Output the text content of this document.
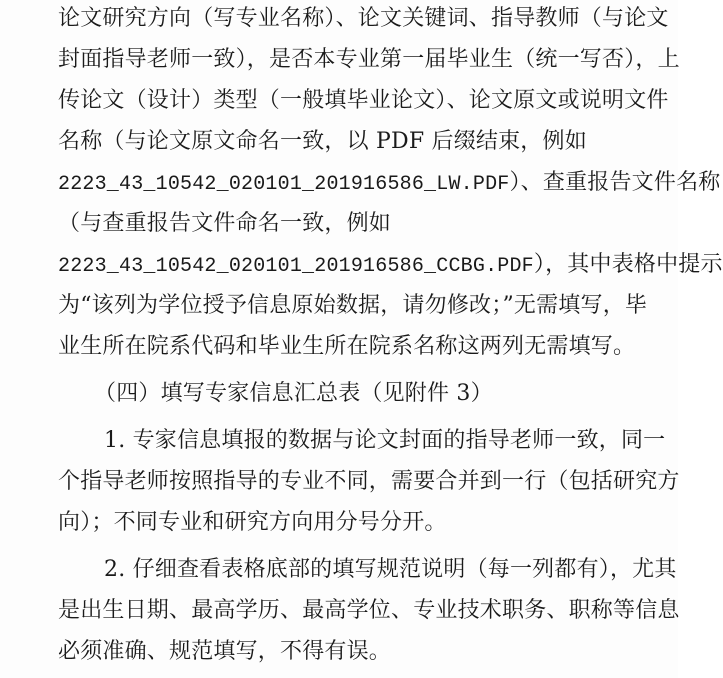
论文研究方向（写专业名称）、论文关键词、指导教师（与论文
封面指导老师一致），是否本专业第一届毕业生（统一写否），上
传论文（设计）类型（一般填毕业论文）、论文原文或说明文件
名称（与论文原文命名一致，以 PDF 后缀结束，例如
2223_43_10542_020101_201916586_LW.PDF）、查重报告文件名称
（与查重报告文件命名一致，例如
2223_43_10542_020101_201916586_CCBG.PDF），其中表格中提示
为“该列为学位授予信息原始数据，请勿修改；”无需填写，毕
业生所在院系代码和毕业生所在院系名称这两列无需填写。
（四）填写专家信息汇总表（见附件 3）
1. 专家信息填报的数据与论文封面的指导老师一致，同一
个指导老师按照指导的专业不同，需要合并到一行（包括研究方
向）；不同专业和研究方向用分号分开。
2. 仔细查看表格底部的填写规范说明（每一列都有），尤其
是出生日期、最高学历、最高学位、专业技术职务、职称等信息
必须准确、规范填写，不得有误。
